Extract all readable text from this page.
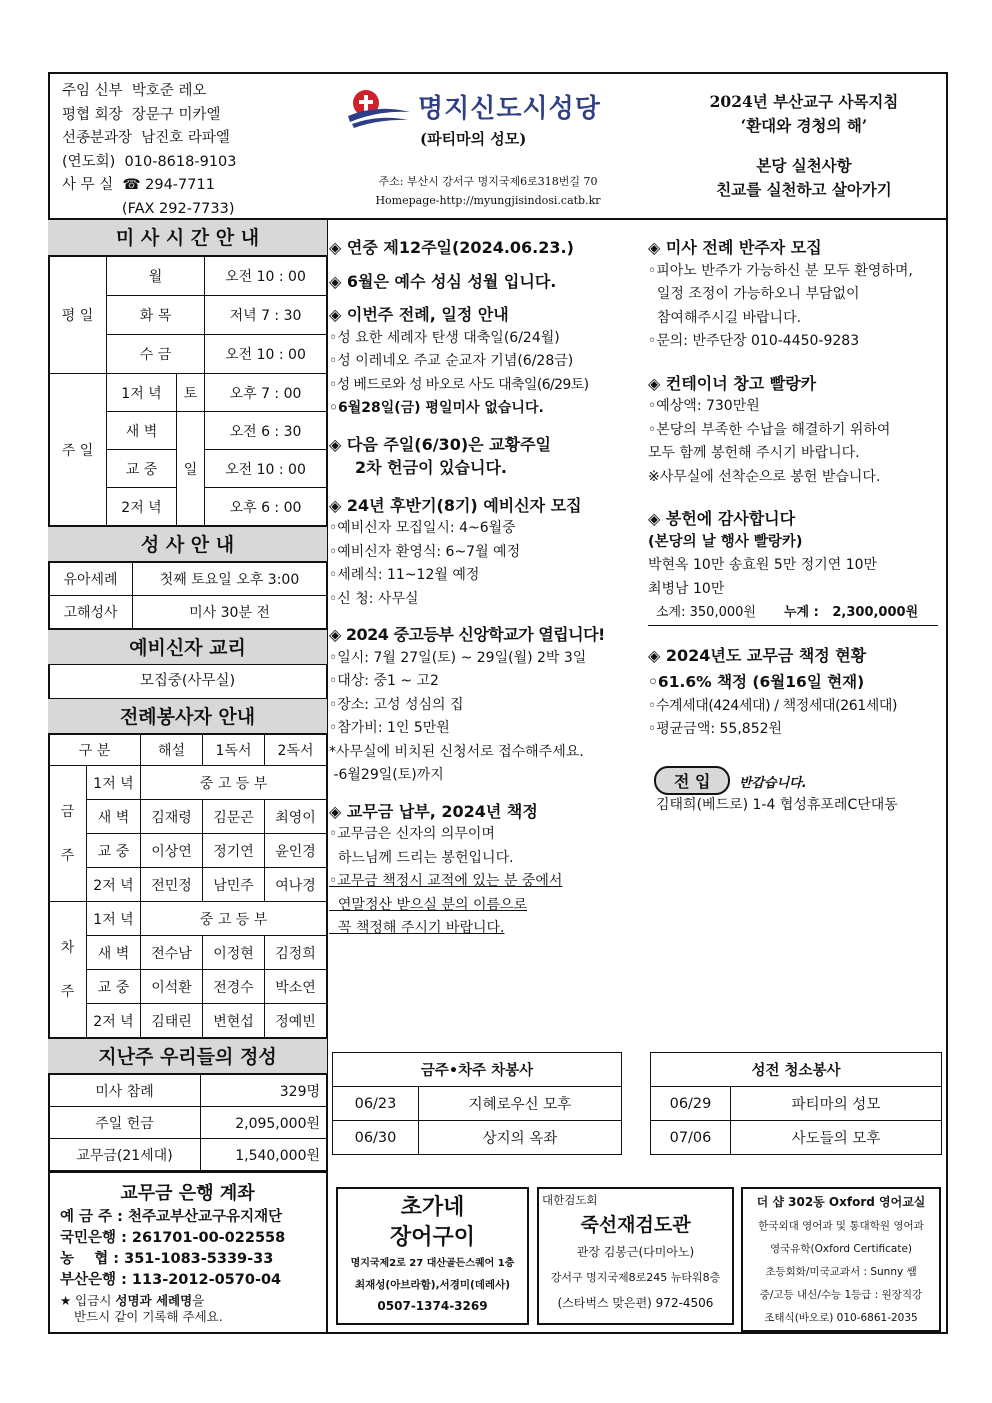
주임 신부  박호준 레오
평협 회장  장문구 미카엘
선종분과장  남진호 라파엘
(연도회)  010-8618-9103
사 무 실  ☎ 294-7711
(FAX 292-7733)
명지신도시성당
(파티마의 성모)
주소: 부산시 강서구 명지국제6로318번길 70
Homepage-http://myungjisindosi.catb.kr
2024년 부산교구 사목지침
‘환대와 경청의 해’
본당 실천사항
친교를 실천하고 살아가기
미 사 시 간 안 내
평 일	월		오전 10 : 00
	화 목		저녁 7 : 30
	수 금		오전 10 : 00
주 일	1저 녁	토	오후 7 : 00
	새 벽	일	오전 6 : 30
	교 중		오전 10 : 00
	2저 녁		오후 6 : 00
성 사 안 내
유아세례	첫째 토요일 오후 3:00
고해성사	미사 30분 전
예비신자 교리
모집중(사무실)
전례봉사자 안내
구 분		해설	1독서	2독서

금
주	1저 녁	중 고 등 부		
	새 벽	김재령	김문곤	최영이
	교 중	이상연	정기연	윤인경
	2저 녁	전민정	남민주	여나경

차
주	1저 녁	중 고 등 부		
	새 벽	전수남	이정현	김정희
	교 중	이석환	전경수	박소연
	2저 녁	김태린	변현섭	정예빈
지난주 우리들의 정성
미사 참례	329명
주일 헌금	2,095,000원
교무금(21세대)	1,540,000원
교무금 은행 계좌
예 금 주 : 천주교부산교구유지재단
국민은행 : 261701-00-022558
농    협 : 351-1083-5339-33
부산은행 : 113-2012-0570-04
★ 입금시 성명과 세례명을
반드시 같이 기록해 주세요.
◈ 연중 제12주일(2024.06.23.)
◈ 6월은 예수 성심 성월 입니다.
◈ 이번주 전례, 일정 안내
◦성 요한 세례자 탄생 대축일(6/24월)
◦성 이레네오 주교 순교자 기념(6/28금)
◦성 베드로와 성 바오로 사도 대축일(6/29토)
◦6월28일(금) 평일미사 없습니다.
◈ 다음 주일(6/30)은 교황주일
2차 헌금이 있습니다.
◈ 24년 후반기(8기) 예비신자 모집
◦예비신자 모집일시: 4~6월중
◦예비신자 환영식: 6~7월 예정
◦세례식: 11~12월 예정
◦신 청: 사무실
◈ 2024 중고등부 신앙학교가 열립니다!
◦일시: 7월 27일(토) ~ 29일(월) 2박 3일
◦대상: 중1 ~ 고2
◦장소: 고성 성심의 집
◦참가비: 1인 5만원
*사무실에 비치된 신청서로 접수해주세요.
-6월29일(토)까지
◈ 교무금 납부, 2024년 책정
◦교무금은 신자의 의무이며
하느님께 드리는 봉헌입니다.
◦교무금 책정시 교적에 있는 분 중에서
연말정산 받으실 분의 이름으로
꼭 책정해 주시기 바랍니다.
◈ 미사 전례 반주자 모집
◦피아노 반주가 가능하신 분 모두 환영하며,
일정 조정이 가능하오니 부담없이
참여해주시길 바랍니다.
◦문의: 반주단장 010-4450-9283
◈ 컨테이너 창고 빨랑카
◦예상액: 730만원
◦본당의 부족한 수납을 해결하기 위하여
모두 함께 봉헌해 주시기 바랍니다.
※사무실에 선착순으로 봉헌 받습니다.
◈ 봉헌에 감사합니다
(본당의 날 행사 빨랑카)
박현옥 10만 송효원 5만 정기연 10만
최병남 10만
소계: 350,000원 누계 :   2,300,000원
◈ 2024년도 교무금 책정 현황
◦61.6% 책정 (6월16일 현재)
◦수계세대(424세대) / 책정세대(261세대)
◦평균금액: 55,852원
전 입 반갑습니다.
김태희(베드로) 1-4 협성휴포레C단대동
금주•차주 차봉사	
06/23	지혜로우신 모후
06/30	상지의 옥좌
성전 청소봉사	
06/29	파티마의 성모
07/06	사도들의 모후
초가네
장어구이
명지국제2로 27 대산골든스퀘어 1층
최재성(아브라함),서경미(데레사)
0507-1374-3269
대한검도회
죽선재검도관
관장 김봉근(다미아노)
강서구 명지국제8로245 뉴타워8층
(스타벅스 맞은편) 972-4506
더 샵 302동 Oxford 영어교실
한국외대 영어과 및 통대학원 영어과
영국유학(Oxford Certificate)
초등회화/미국교과서 : Sunny 쌤
중/고등 내신/수능 1등급 : 원장직강
조태식(바오로) 010-6861-2035
